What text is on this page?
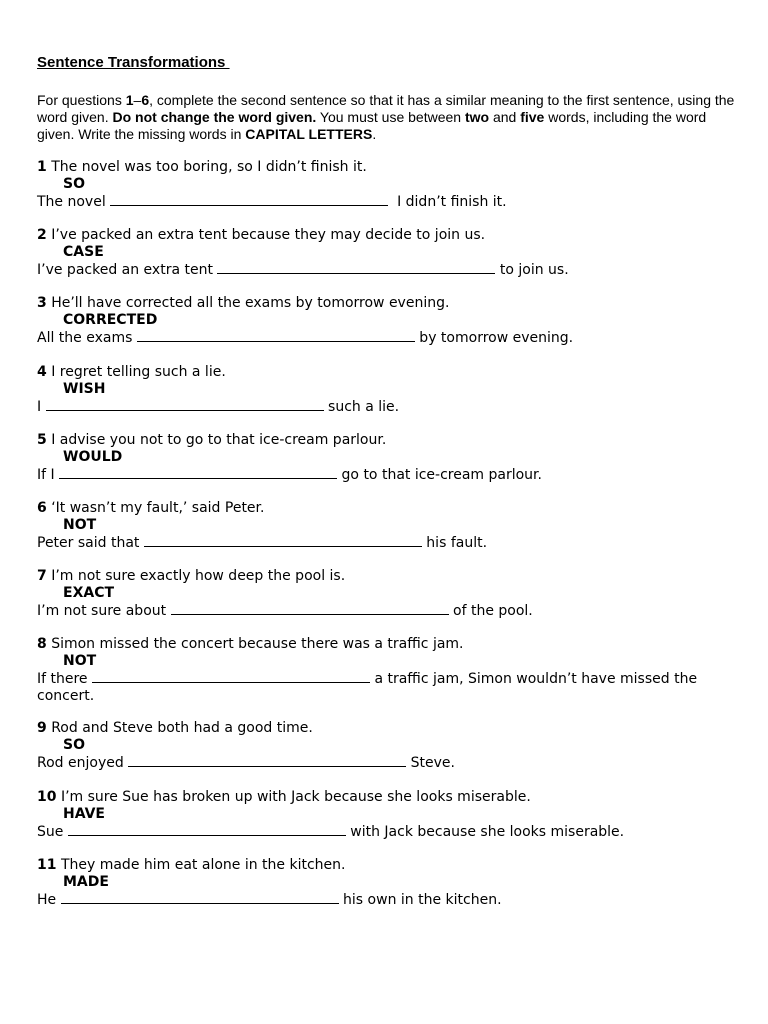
Sentence Transformations
For questions 1–6, complete the second sentence so that it has a similar meaning to the first sentence, using the word given. Do not change the word given. You must use between two and five words, including the word given. Write the missing words in CAPITAL LETTERS.
1 The novel was too boring, so I didn’t finish it.
SO
The novel	I didn’t finish it.
2 I’ve packed an extra tent because they may decide to join us.
CASE
I’ve packed an extra tent	to join us.
3 He’ll have corrected all the exams by tomorrow evening.
CORRECTED
All the exams	by tomorrow evening.
4 I regret telling such a lie.
WISH
I	such a lie.
5 I advise you not to go to that ice-cream parlour.
WOULD
If I	go to that ice-cream parlour.
6 ‘It wasn’t my fault,’ said Peter.
NOT
Peter said that	his fault.
7 I’m not sure exactly how deep the pool is.
EXACT
I’m not sure about	of the pool.
8 Simon missed the concert because there was a traffic jam.
NOT
If there	a traffic jam, Simon wouldn’t have missed the concert.
9 Rod and Steve both had a good time.
SO
Rod enjoyed	Steve.
10 I’m sure Sue has broken up with Jack because she looks miserable.
HAVE
Sue	with Jack because she looks miserable.
11 They made him eat alone in the kitchen.
MADE
He	his own in the kitchen.
